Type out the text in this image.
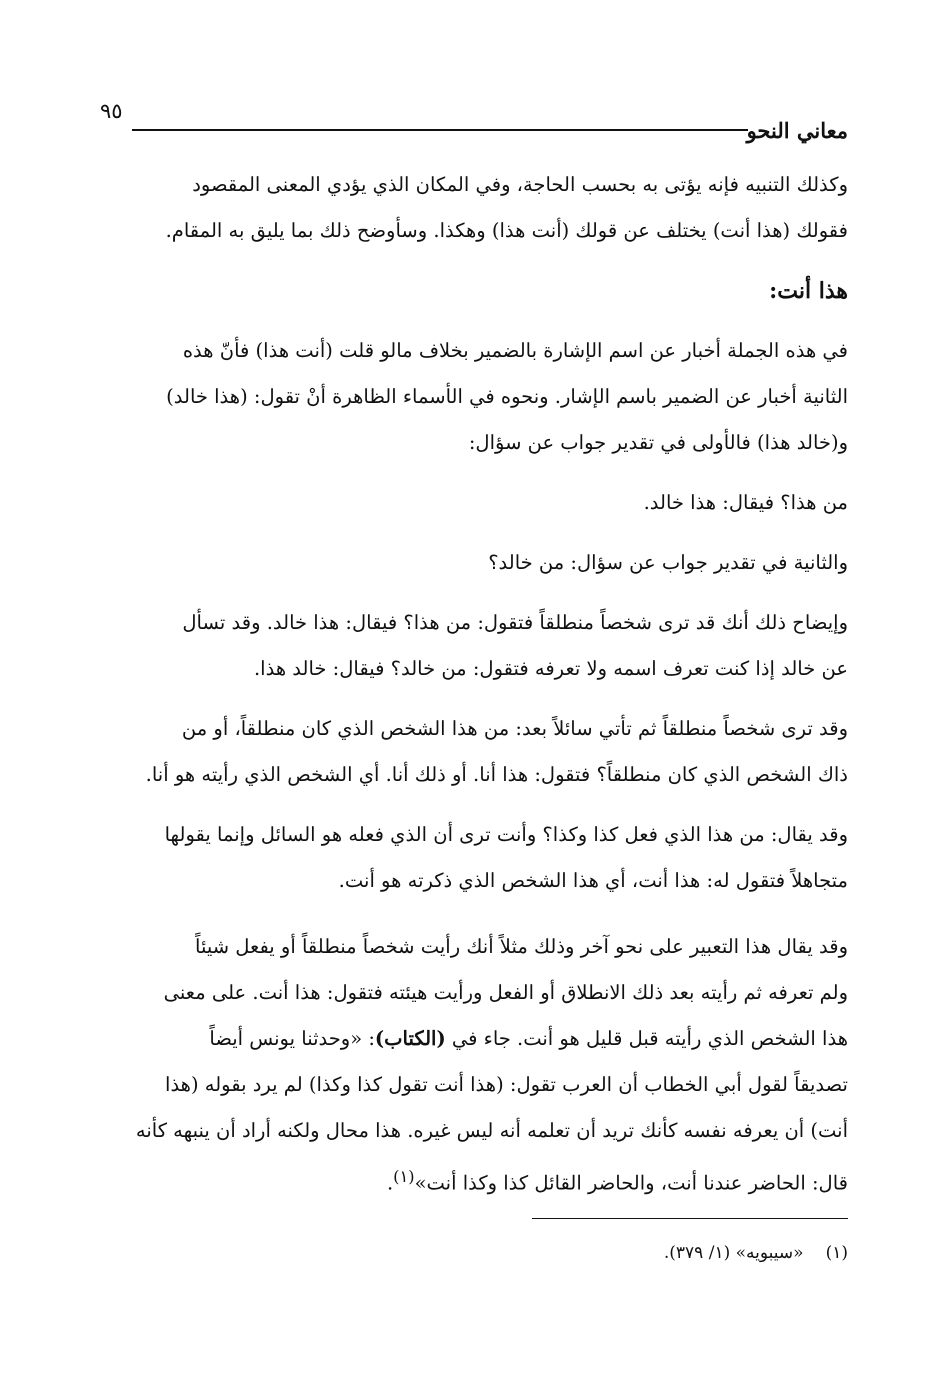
معاني النحو
٩٥
وكذلك التنبيه فإنه يؤتى به بحسب الحاجة، وفي المكان الذي يؤدي المعنى المقصود
فقولك (هذا أنت) يختلف عن قولك (أنت هذا) وهكذا. وسأوضح ذلك بما يليق به المقام.
هذا أنت:
في هذه الجملة أخبار عن اسم الإشارة بالضمير بخلاف مالو قلت (أنت هذا) فأنّ هذه
الثانية أخبار عن الضمير باسم الإشار. ونحوه في الأسماء الظاهرة أنْ تقول: (هذا خالد)
و(خالد هذا) فالأولى في تقدير جواب عن سؤال:
من هذا؟ فيقال: هذا خالد.
والثانية في تقدير جواب عن سؤال: من خالد؟
وإيضاح ذلك أنك قد ترى شخصاً منطلقاً فتقول: من هذا؟ فيقال: هذا خالد. وقد تسأل
عن خالد إذا كنت تعرف اسمه ولا تعرفه فتقول: من خالد؟ فيقال: خالد هذا.
وقد ترى شخصاً منطلقاً ثم تأتي سائلاً بعد: من هذا الشخص الذي كان منطلقاً، أو من
ذاك الشخص الذي كان منطلقاً؟ فتقول: هذا أنا. أو ذلك أنا. أي الشخص الذي رأيته هو أنا.
وقد يقال: من هذا الذي فعل كذا وكذا؟ وأنت ترى أن الذي فعله هو السائل وإنما يقولها
متجاهلاً فتقول له: هذا أنت، أي هذا الشخص الذي ذكرته هو أنت.
وقد يقال هذا التعبير على نحو آخر وذلك مثلاً أنك رأيت شخصاً منطلقاً أو يفعل شيئاً
ولم تعرفه ثم رأيته بعد ذلك الانطلاق أو الفعل ورأيت هيئته فتقول: هذا أنت. على معنى
هذا الشخص الذي رأيته قبل قليل هو أنت. جاء في (الكتاب): «وحدثنا يونس أيضاً
تصديقاً لقول أبي الخطاب أن العرب تقول: (هذا أنت تقول كذا وكذا) لم يرد بقوله (هذا
أنت) أن يعرفه نفسه كأنك تريد أن تعلمه أنه ليس غيره. هذا محال ولكنه أراد أن ينبهه كأنه
قال: الحاضر عندنا أنت، والحاضر القائل كذا وكذا أنت»$^{(١)}$.
(١)«سيبويه» (١/ ٣٧٩).
